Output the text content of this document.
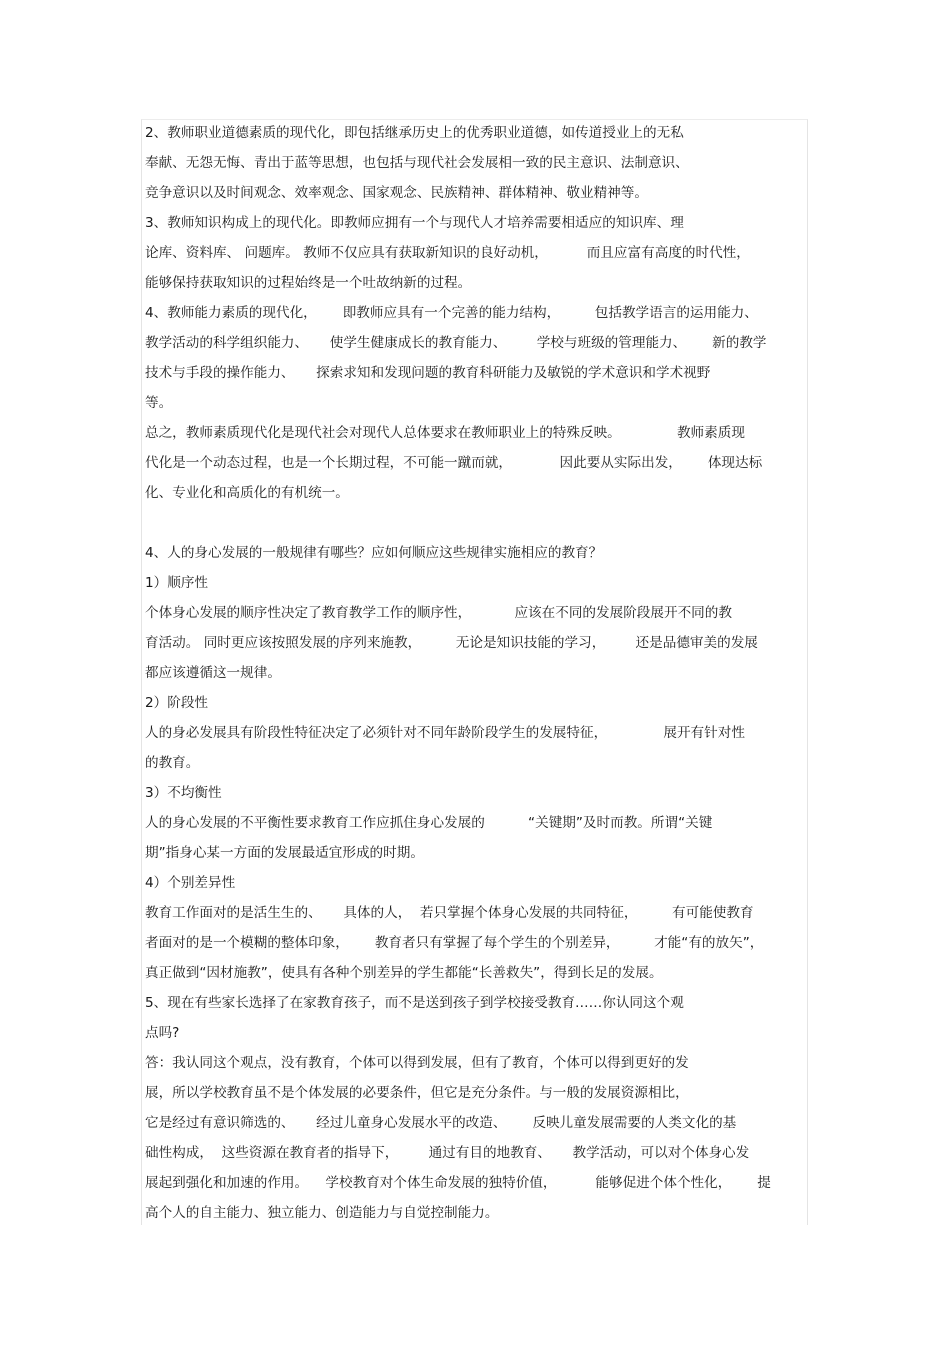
2、教师职业道德素质的现代化，即包括继承历史上的优秀职业道德，如传道授业上的无私
奉献、无怨无悔、青出于蓝等思想，也包括与现代社会发展相一致的民主意识、法制意识、
竞争意识以及时间观念、效率观念、国家观念、民族精神、群体精神、敬业精神等。
3、教师知识构成上的现代化。即教师应拥有一个与现代人才培养需要相适应的知识库、理
论库、资料库、 问题库。 教师不仅应具有获取新知识的良好动机，         而且应富有高度的时代性，
能够保持获取知识的过程始终是一个吐故纳新的过程。
4、教师能力素质的现代化，      即教师应具有一个完善的能力结构，        包括教学语言的运用能力、
教学活动的科学组织能力、     使学生健康成长的教育能力、       学校与班级的管理能力、      新的教学
技术与手段的操作能力、     探索求知和发现问题的教育科研能力及敏锐的学术意识和学术视野
等。
总之，教师素质现代化是现代社会对现代人总体要求在教师职业上的特殊反映。             教师素质现
代化是一个动态过程，也是一个长期过程，不可能一蹴而就，           因此要从实际出发，      体现达标
化、专业化和高质化的有机统一。
4、人的身心发展的一般规律有哪些？应如何顺应这些规律实施相应的教育？
1）顺序性
个体身心发展的顺序性决定了教育教学工作的顺序性，          应该在不同的发展阶段展开不同的教
育活动。 同时更应该按照发展的序列来施教，        无论是知识技能的学习，       还是品德审美的发展
都应该遵循这一规律。
2）阶段性
人的身必发展具有阶段性特征决定了必须针对不同年龄阶段学生的发展特征，             展开有针对性
的教育。
3）不均衡性
人的身心发展的不平衡性要求教育工作应抓住身心发展的          “关键期”及时而教。所谓“关键
期”指身心某一方面的发展最适宜形成的时期。
4）个别差异性
教育工作面对的是活生生的、     具体的人，  若只掌握个体身心发展的共同特征，        有可能使教育
者面对的是一个模糊的整体印象，      教育者只有掌握了每个学生的个别差异，        才能“有的放矢”，
真正做到“因材施教”，使具有各种个别差异的学生都能“长善救失”，得到长足的发展。
5、现在有些家长选择了在家教育孩子，而不是送到孩子到学校接受教育……你认同这个观
点吗?
答：我认同这个观点，没有教育，个体可以得到发展，但有了教育，个体可以得到更好的发
展，所以学校教育虽不是个体发展的必要条件，但它是充分条件。与一般的发展资源相比，
它是经过有意识筛选的、     经过儿童身心发展水平的改造、      反映儿童发展需要的人类文化的基
础性构成，  这些资源在教育者的指导下，       通过有目的地教育、     教学活动，可以对个体身心发
展起到强化和加速的作用。    学校教育对个体生命发展的独特价值，         能够促进个体个性化，      提
高个人的自主能力、独立能力、创造能力与自觉控制能力。
